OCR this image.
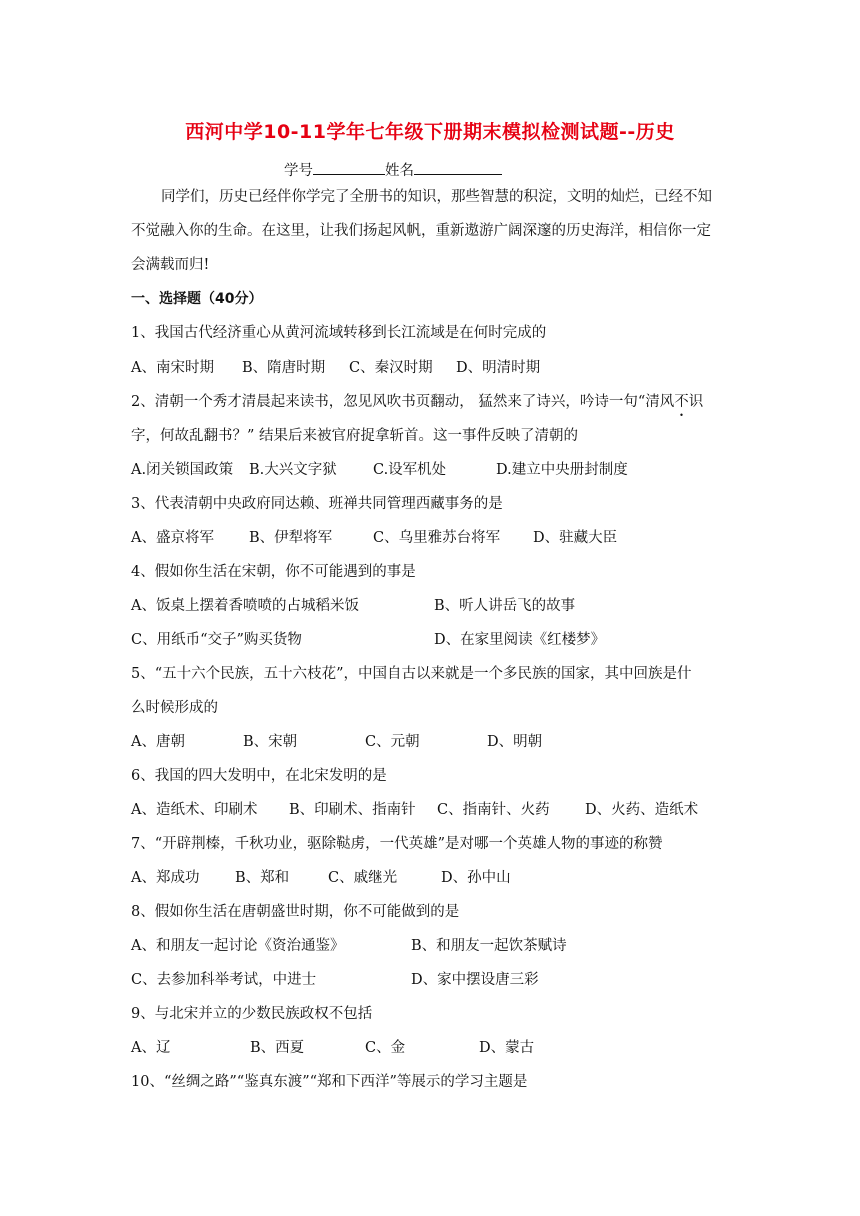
西河中学10-11学年七年级下册期末模拟检测试题--历史
学号	姓名
同学们，历史已经伴你学完了全册书的知识，那些智慧的积淀，文明的灿烂，已经不知
不觉融入你的生命。在这里，让我们扬起风帆，重新遨游广阔深邃的历史海洋，相信你一定
会满载而归!
一、选择题（40分）
1、我国古代经济重心从黄河流域转移到长江流域是在何时完成的
A、南宋时期 B、隋唐时期 C、秦汉时期 D、明清时期
2、清朝一个秀才清晨起来读书，忽见风吹书页翻动， 猛然来了诗兴，吟诗一句“清风不识
字，何故乱翻书？” 结果后来被官府捉拿斩首。这一事件反映了清朝的
A.闭关锁国政策 B.大兴文字狱 C.设军机处	D.建立中央册封制度
3、代表清朝中央政府同达赖、班禅共同管理西藏事务的是
A、盛京将军 B、伊犁将军	C、乌里雅苏台将军 D、驻藏大臣
4、假如你生活在宋朝，你不可能遇到的事是
A、饭桌上摆着香喷喷的占城稻米饭	B、听人讲岳飞的故事
C、用纸币“交子”购买货物	D、在家里阅读《红楼梦》
5、“五十六个民族，五十六枝花”，中国自古以来就是一个多民族的国家，其中回族是什
么时候形成的
A、唐朝	B、宋朝	C、元朝	D、明朝
6、我国的四大发明中，在北宋发明的是
A、造纸术、印刷术 B、印刷术、指南针 C、指南针、火药 D、火药、造纸术
7、“开辟荆榛，千秋功业，驱除鞑虏，一代英雄”是对哪一个英雄人物的事迹的称赞
A、郑成功 B、郑和	C、戚继光	D、孙中山
8、假如你生活在唐朝盛世时期，你不可能做到的是
A、和朋友一起讨论《资治通鉴》	B、和朋友一起饮茶赋诗
C、去参加科举考试，中进士	D、家中摆设唐三彩
9、与北宋并立的少数民族政权不包括
A、辽	B、西夏	C、金	D、蒙古
10、“丝绸之路”“鉴真东渡”“郑和下西洋”等展示的学习主题是
